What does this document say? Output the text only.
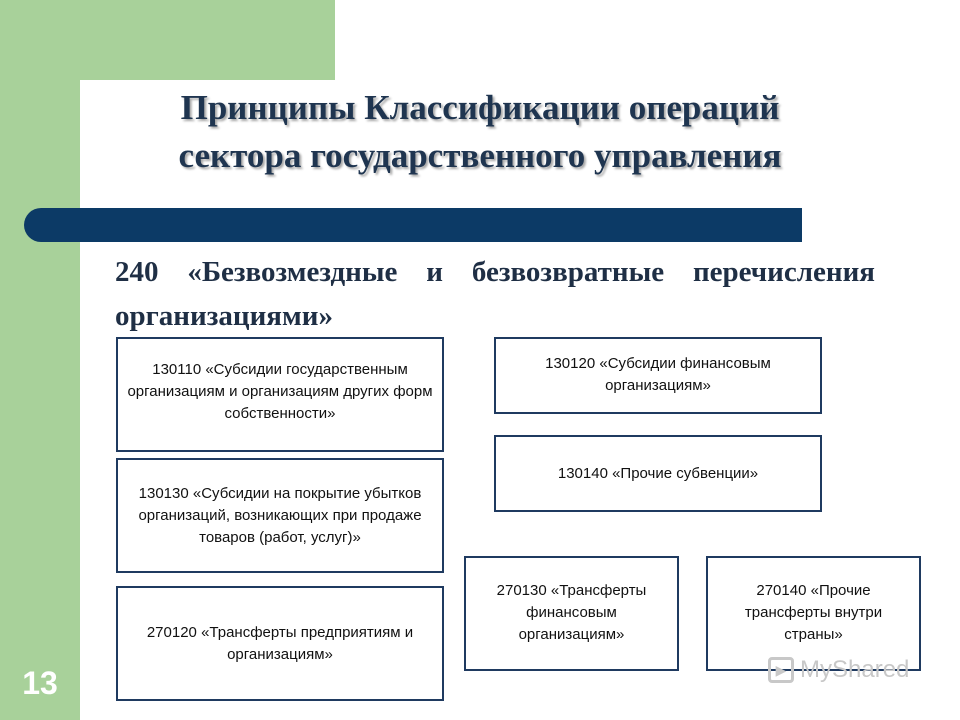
Принципы Классификации операций
сектора государственного управления
240 «Безвозмездные и безвозвратные перечисления организациями»
130110 «Субсидии государственным организациям и организациям других форм собственности»
130120 «Субсидии финансовым организациям»
130140 «Прочие субвенции»
130130 «Субсидии на покрытие убытков организаций, возникающих при продаже товаров (работ, услуг)»
270120 «Трансферты предприятиям и организациям»
270130 «Трансферты финансовым организациям»
270140 «Прочие трансферты внутри страны»
13	▶ MyShared
